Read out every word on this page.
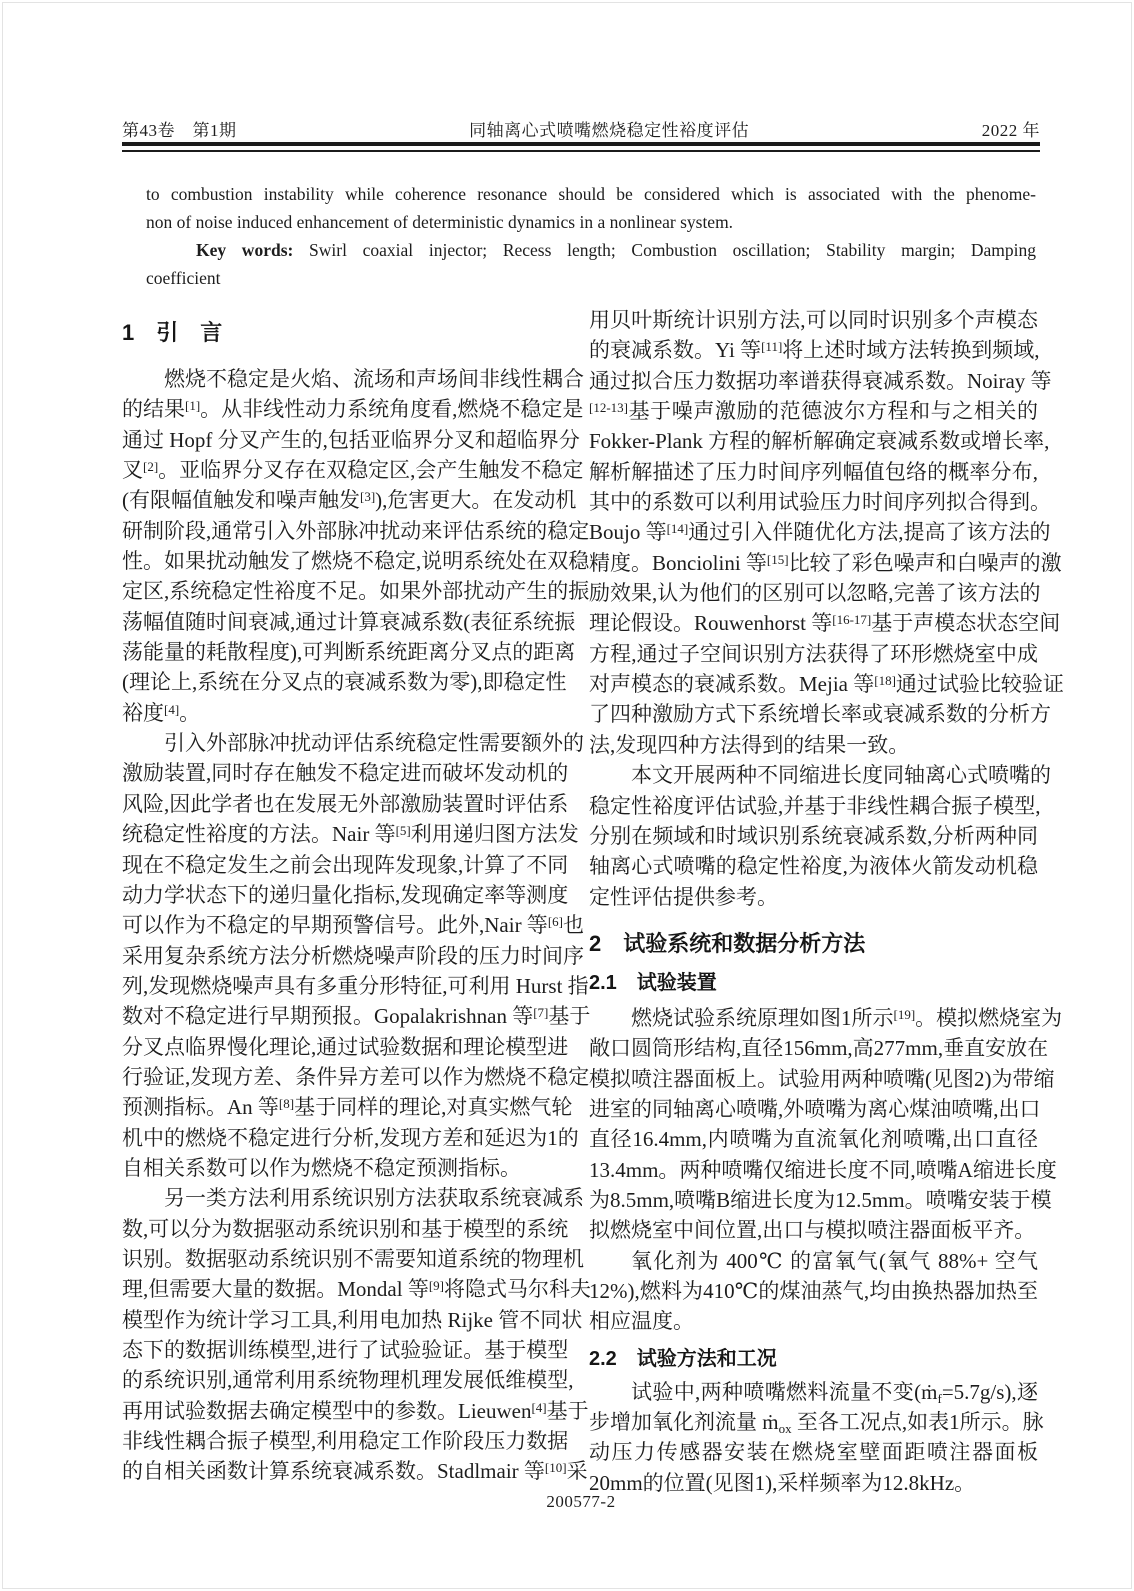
第43卷　第1期	同轴离心式喷嘴燃烧稳定性裕度评估	2022 年
to combustion instability while coherence resonance should be considered which is associated with the phenome-
non of noise induced enhancement of deterministic dynamics in a nonlinear system.
Key words: Swirl coaxial injector; Recess length; Combustion oscillation; Stability margin; Damping
coefficient
1　引　言
燃烧不稳定是火焰、流场和声场间非线性耦合
的结果[1]。从非线性动力系统角度看,燃烧不稳定是
通过 Hopf 分叉产生的,包括亚临界分叉和超临界分
叉[2]。亚临界分叉存在双稳定区,会产生触发不稳定
(有限幅值触发和噪声触发[3]),危害更大。在发动机
研制阶段,通常引入外部脉冲扰动来评估系统的稳定
性。如果扰动触发了燃烧不稳定,说明系统处在双稳
定区,系统稳定性裕度不足。如果外部扰动产生的振
荡幅值随时间衰减,通过计算衰减系数(表征系统振
荡能量的耗散程度),可判断系统距离分叉点的距离
(理论上,系统在分叉点的衰减系数为零),即稳定性
裕度[4]。
引入外部脉冲扰动评估系统稳定性需要额外的
激励装置,同时存在触发不稳定进而破坏发动机的
风险,因此学者也在发展无外部激励装置时评估系
统稳定性裕度的方法。Nair 等[5]利用递归图方法发
现在不稳定发生之前会出现阵发现象,计算了不同
动力学状态下的递归量化指标,发现确定率等测度
可以作为不稳定的早期预警信号。此外,Nair 等[6]也
采用复杂系统方法分析燃烧噪声阶段的压力时间序
列,发现燃烧噪声具有多重分形特征,可利用 Hurst 指
数对不稳定进行早期预报。Gopalakrishnan 等[7]基于
分叉点临界慢化理论,通过试验数据和理论模型进
行验证,发现方差、条件异方差可以作为燃烧不稳定
预测指标。An 等[8]基于同样的理论,对真实燃气轮
机中的燃烧不稳定进行分析,发现方差和延迟为1的
自相关系数可以作为燃烧不稳定预测指标。
另一类方法利用系统识别方法获取系统衰减系
数,可以分为数据驱动系统识别和基于模型的系统
识别。数据驱动系统识别不需要知道系统的物理机
理,但需要大量的数据。Mondal 等[9]将隐式马尔科夫
模型作为统计学习工具,利用电加热 Rijke 管不同状
态下的数据训练模型,进行了试验验证。基于模型
的系统识别,通常利用系统物理机理发展低维模型,
再用试验数据去确定模型中的参数。Lieuwen[4]基于
非线性耦合振子模型,利用稳定工作阶段压力数据
的自相关函数计算系统衰减系数。Stadlmair 等[10]采
用贝叶斯统计识别方法,可以同时识别多个声模态
的衰减系数。Yi 等[11]将上述时域方法转换到频域,
通过拟合压力数据功率谱获得衰减系数。Noiray 等
[12-13]基于噪声激励的范德波尔方程和与之相关的
Fokker-Plank 方程的解析解确定衰减系数或增长率,
解析解描述了压力时间序列幅值包络的概率分布,
其中的系数可以利用试验压力时间序列拟合得到。
Boujo 等[14]通过引入伴随优化方法,提高了该方法的
精度。Bonciolini 等[15]比较了彩色噪声和白噪声的激
励效果,认为他们的区别可以忽略,完善了该方法的
理论假设。Rouwenhorst 等[16-17]基于声模态状态空间
方程,通过子空间识别方法获得了环形燃烧室中成
对声模态的衰减系数。Mejia 等[18]通过试验比较验证
了四种激励方式下系统增长率或衰减系数的分析方
法,发现四种方法得到的结果一致。
本文开展两种不同缩进长度同轴离心式喷嘴的
稳定性裕度评估试验,并基于非线性耦合振子模型,
分别在频域和时域识别系统衰减系数,分析两种同
轴离心式喷嘴的稳定性裕度,为液体火箭发动机稳
定性评估提供参考。
2　试验系统和数据分析方法
2.1　试验装置
燃烧试验系统原理如图1所示[19]。模拟燃烧室为
敞口圆筒形结构,直径156mm,高277mm,垂直安放在
模拟喷注器面板上。试验用两种喷嘴(见图2)为带缩
进室的同轴离心喷嘴,外喷嘴为离心煤油喷嘴,出口
直径16.4mm,内喷嘴为直流氧化剂喷嘴,出口直径
13.4mm。两种喷嘴仅缩进长度不同,喷嘴A缩进长度
为8.5mm,喷嘴B缩进长度为12.5mm。喷嘴安装于模
拟燃烧室中间位置,出口与模拟喷注器面板平齐。
氧化剂为 400℃ 的富氧气(氧气 88%+ 空气
12%),燃料为410℃的煤油蒸气,均由换热器加热至
相应温度。
2.2　试验方法和工况
试验中,两种喷嘴燃料流量不变(ṁ$_f$=5.7g/s),逐
步增加氧化剂流量 ṁ$_{ox}$ 至各工况点,如表1所示。脉
动压力传感器安装在燃烧室壁面距喷注器面板
20mm的位置(见图1),采样频率为12.8kHz。
200577-2
